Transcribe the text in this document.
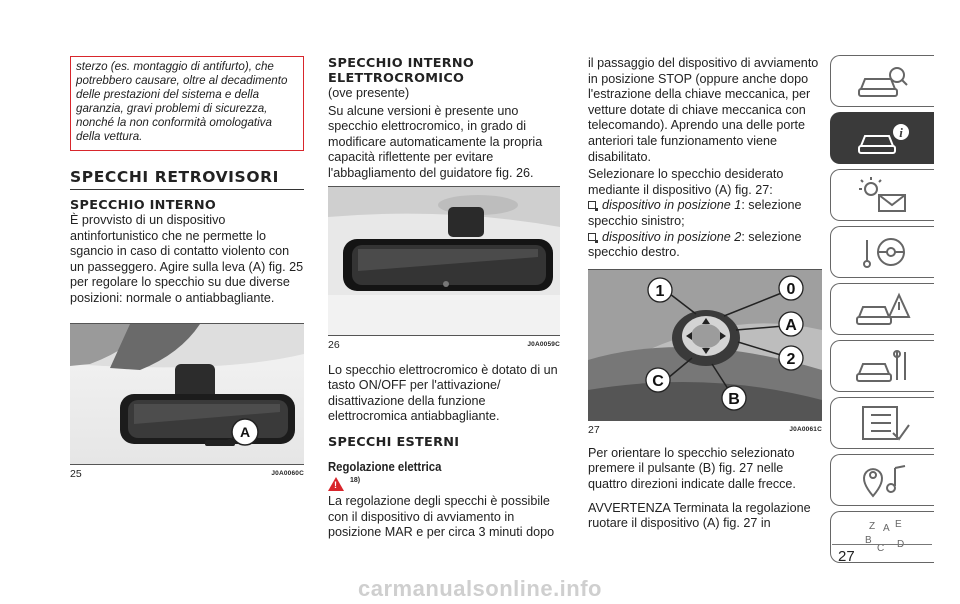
sterzo (es. montaggio di antifurto), che potrebbero causare, oltre al decadimento delle prestazioni del sistema e della garanzia, gravi problemi di sicurezza, nonché la non conformità omologativa della vettura.
SPECCHI RETROVISORI
SPECCHIO INTERNO

È provvisto di un dispositivo antinfortunistico che ne permette lo sgancio in caso di contatto violento con un passeggero. Agire sulla leva (A) fig. 25 per regolare lo specchio su due diverse posizioni: normale o antiabbagliante.

A
25	J0A0060C
SPECCHIO INTERNO
ELETTROCROMICO
(ove presente)

Su alcune versioni è presente uno specchio elettrocromico, in grado di modificare automaticamente la propria capacità riflettente per evitare l'abbagliamento del guidatore fig. 26.

26	J0A0059C

Lo specchio elettrocromico è dotato di un tasto ON/OFF per l'attivazione/ disattivazione della funzione elettrocromica antiabbagliante.

SPECCHI ESTERNI
Regolazione elettrica
! 18)

La regolazione degli specchi è possibile con il dispositivo di avviamento in posizione MAR e per circa 3 minuti dopo

il passaggio del dispositivo di avviamento in posizione STOP (oppure anche dopo l'estrazione della chiave meccanica, per vetture dotate di chiave meccanica con telecomando). Aprendo una delle porte anteriori tale funzionamento viene disabilitato.

Selezionare lo specchio desiderato mediante il dispositivo (A) fig. 27:

dispositivo in posizione 1: selezione
specchio sinistro;
dispositivo in posizione 2: selezione
specchio destro.
1	0
A
2
C
B
27	J0A0061C

Per orientare lo specchio selezionato premere il pulsante (B) fig. 27 nelle quattro direzioni indicate dalle frecce.

AVVERTENZA Terminata la regolazione ruotare il dispositivo (A) fig. 27 in

i
Z A E
B
C D
27
carmanualsonline.info
